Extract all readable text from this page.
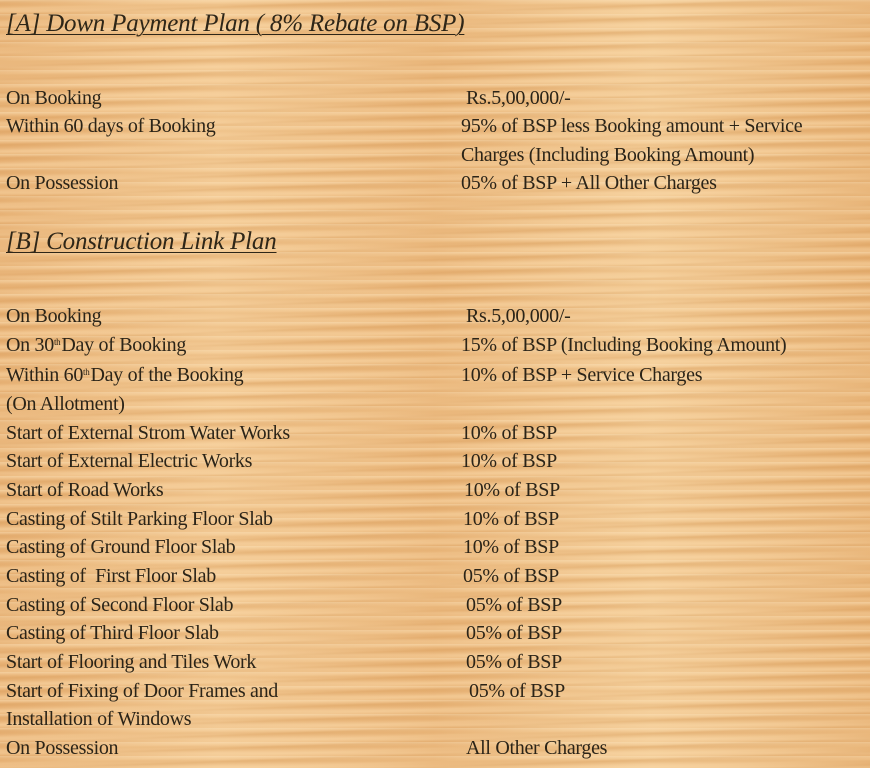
[A] Down Payment Plan ( 8% Rebate on BSP)
On Booking	Rs.5,00,000/-
Within 60 days of Booking	95% of BSP less Booking amount + Service
Charges (Including Booking Amount)
On Possession	05% of BSP + All Other Charges
[B] Construction Link Plan
On Booking	Rs.5,00,000/-
On 30thDay of Booking	15% of BSP (Including Booking Amount)
Within 60thDay of the Booking	10% of BSP + Service Charges
(On Allotment)
Start of External Strom Water Works	10% of BSP
Start of External Electric Works	10% of BSP
Start of Road Works	10% of BSP
Casting of Stilt Parking Floor Slab	10% of BSP
Casting of Ground Floor Slab	10% of BSP
Casting of  First Floor Slab	05% of BSP
Casting of Second Floor Slab	05% of BSP
Casting of Third Floor Slab	05% of BSP
Start of Flooring and Tiles Work	05% of BSP
Start of Fixing of Door Frames and	05% of BSP
Installation of Windows
On Possession	All Other Charges
